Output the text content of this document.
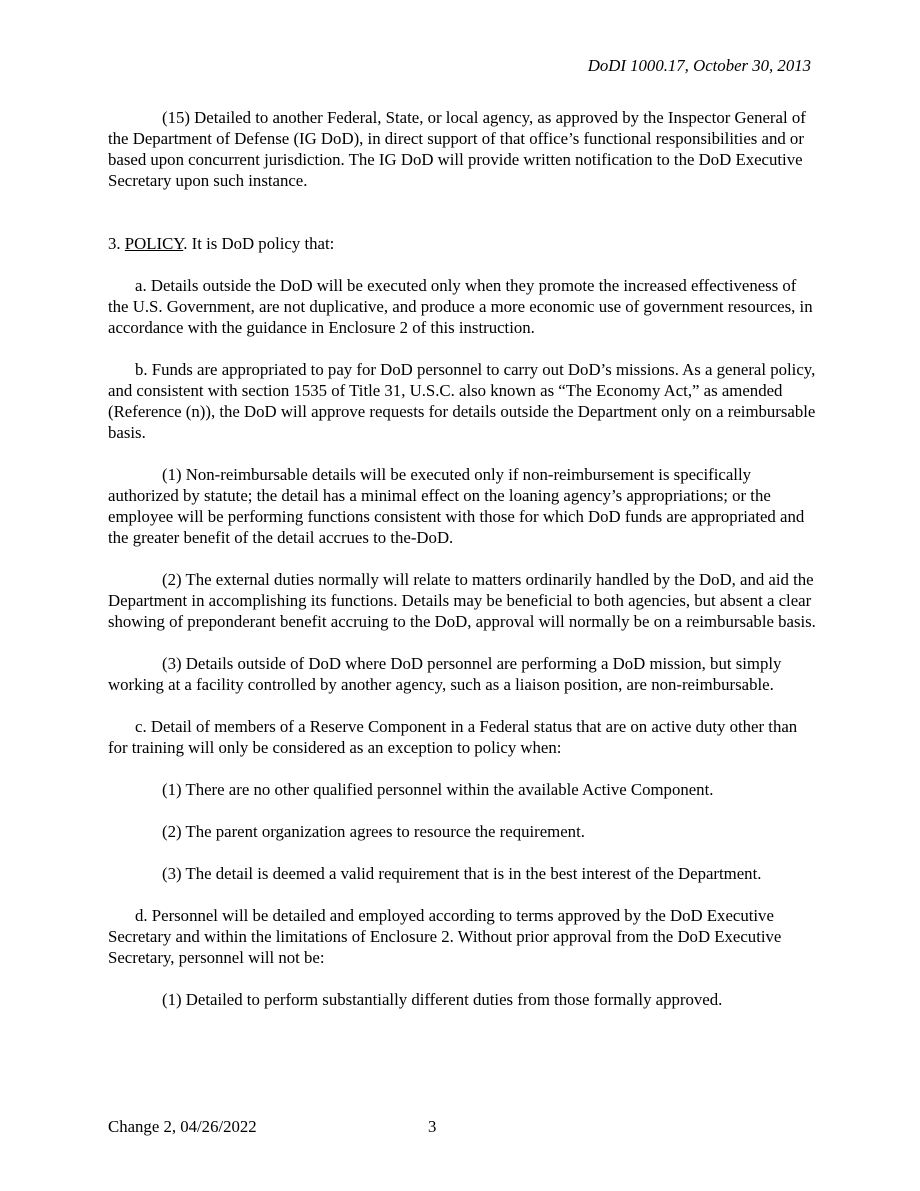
DoDI 1000.17, October 30, 2013

(15) Detailed to another Federal, State, or local agency, as approved by the Inspector General of the Department of Defense (IG DoD), in direct support of that office’s functional responsibilities and or based upon concurrent jurisdiction. The IG DoD will provide written notification to the DoD Executive Secretary upon such instance.

3. POLICY. It is DoD policy that:

a. Details outside the DoD will be executed only when they promote the increased effectiveness of the U.S. Government, are not duplicative, and produce a more economic use of government resources, in accordance with the guidance in Enclosure 2 of this instruction.

b. Funds are appropriated to pay for DoD personnel to carry out DoD’s missions. As a general policy, and consistent with section 1535 of Title 31, U.S.C. also known as “The Economy Act,” as amended (Reference (n)), the DoD will approve requests for details outside the Department only on a reimbursable basis.

(1) Non-reimbursable details will be executed only if non-reimbursement is specifically authorized by statute; the detail has a minimal effect on the loaning agency’s appropriations; or the employee will be performing functions consistent with those for which DoD funds are appropriated and the greater benefit of the detail accrues to the-DoD.

(2) The external duties normally will relate to matters ordinarily handled by the DoD, and aid the Department in accomplishing its functions. Details may be beneficial to both agencies, but absent a clear showing of preponderant benefit accruing to the DoD, approval will normally be on a reimbursable basis.

(3) Details outside of DoD where DoD personnel are performing a DoD mission, but simply working at a facility controlled by another agency, such as a liaison position, are non-reimbursable.

c. Detail of members of a Reserve Component in a Federal status that are on active duty other than for training will only be considered as an exception to policy when:

(1) There are no other qualified personnel within the available Active Component.

(2) The parent organization agrees to resource the requirement.

(3) The detail is deemed a valid requirement that is in the best interest of the Department.

d. Personnel will be detailed and employed according to terms approved by the DoD Executive Secretary and within the limitations of Enclosure 2. Without prior approval from the DoD Executive Secretary, personnel will not be:

(1) Detailed to perform substantially different duties from those formally approved.

Change 2, 04/26/2022	3
